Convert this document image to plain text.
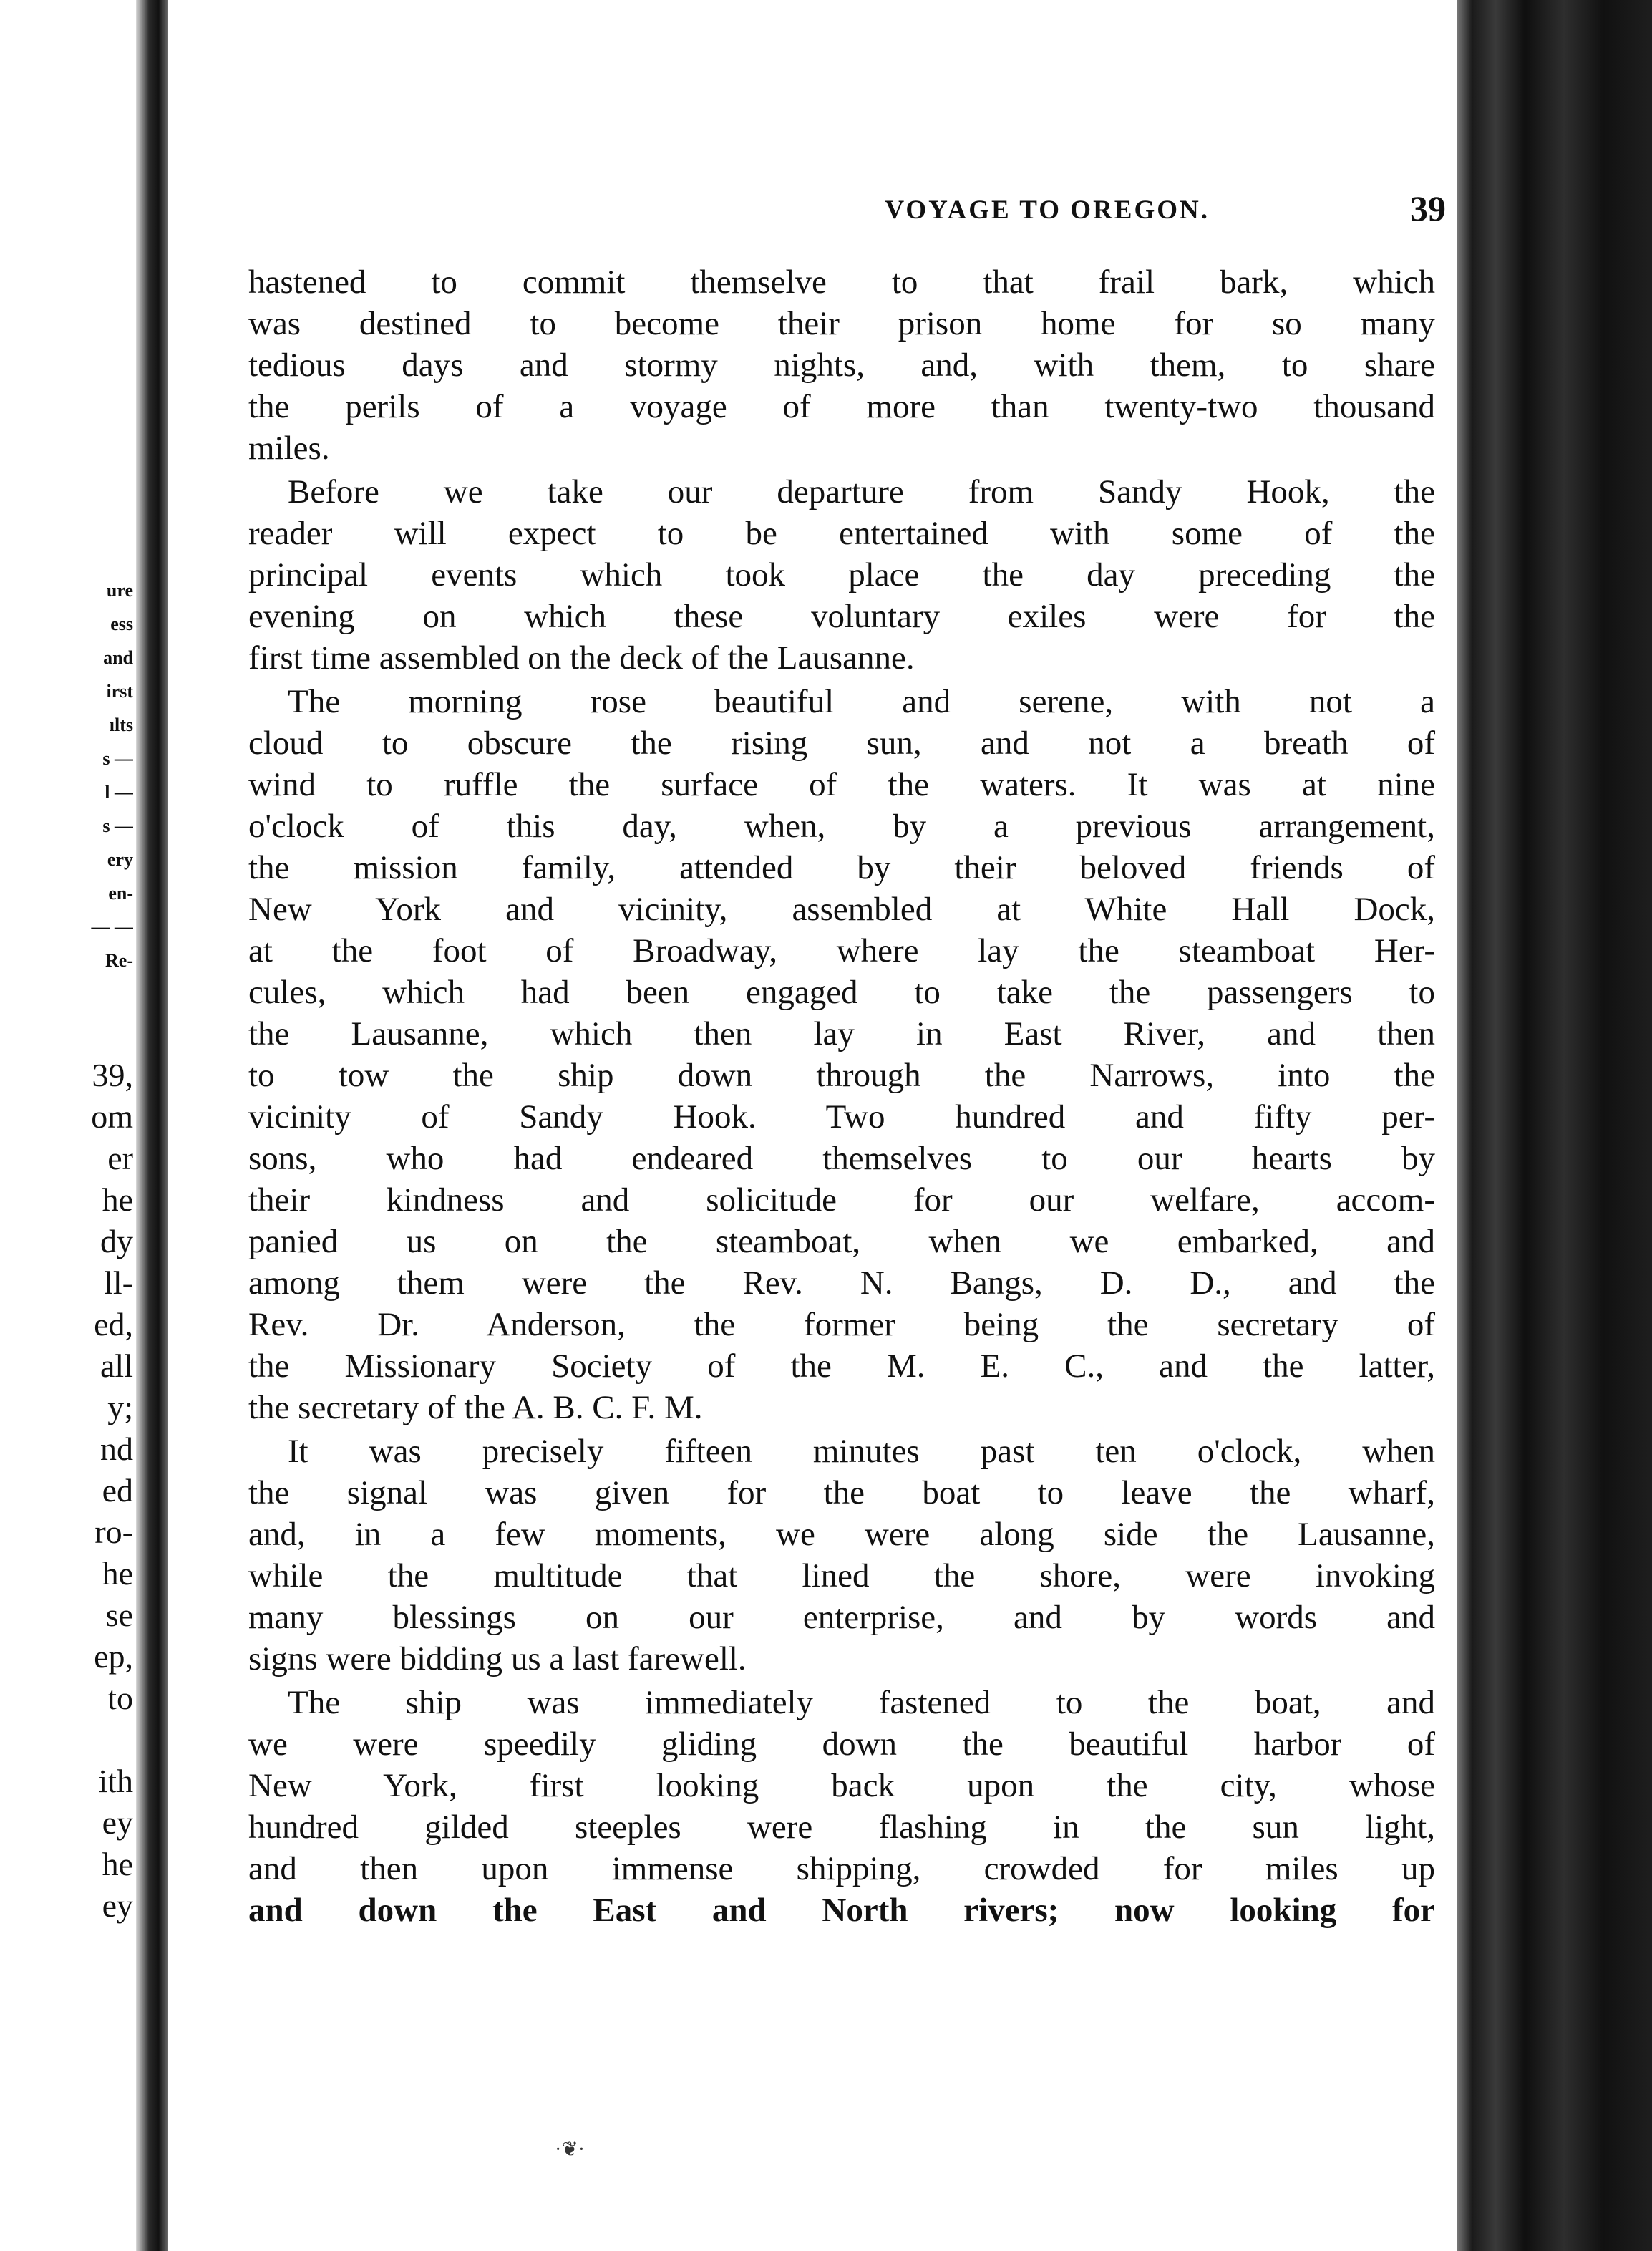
ure
ess
and
irst
ılts
s —
l —
s —
ery
en-
— —
Re-
39,
om
er
he
dy
ll-
ed,
all
y;
nd
ed
ro-
he
se
ep,
to
ith
ey
he
ey
VOYAGE TO OREGON.	39
hastened to commit themselve to that frail bark, which
was destined to become their prison home for so many
tedious days and stormy nights, and, with them, to share
the perils of a voyage of more than twenty-two thousand
miles.
Before we take our departure from Sandy Hook, the
reader will expect to be entertained with some of the
principal events which took place the day preceding the
evening on which these voluntary exiles were for the
first time assembled on the deck of the Lausanne.
The morning rose beautiful and serene, with not a
cloud to obscure the rising sun, and not a breath of
wind to ruffle the surface of the waters. It was at nine
o'clock of this day, when, by a previous arrangement,
the mission family, attended by their beloved friends of
New York and vicinity, assembled at White Hall Dock,
at the foot of Broadway, where lay the steamboat Her-
cules, which had been engaged to take the passengers to
the Lausanne, which then lay in East River, and then
to tow the ship down through the Narrows, into the
vicinity of Sandy Hook. Two hundred and fifty per-
sons, who had endeared themselves to our hearts by
their kindness and solicitude for our welfare, accom-
panied us on the steamboat, when we embarked, and
among them were the Rev. N. Bangs, D. D., and the
Rev. Dr. Anderson, the former being the secretary of
the Missionary Society of the M. E. C., and the latter,
the secretary of the A. B. C. F. M.
It was precisely fifteen minutes past ten o'clock, when
the signal was given for the boat to leave the wharf,
and, in a few moments, we were along side the Lausanne,
while the multitude that lined the shore, were invoking
many blessings on our enterprise, and by words and
signs were bidding us a last farewell.
The ship was immediately fastened to the boat, and
we were speedily gliding down the beautiful harbor of
New York, first looking back upon the city, whose
hundred gilded steeples were flashing in the sun light,
and then upon immense shipping, crowded for miles up
and down the East and North rivers; now looking for
·❦·
